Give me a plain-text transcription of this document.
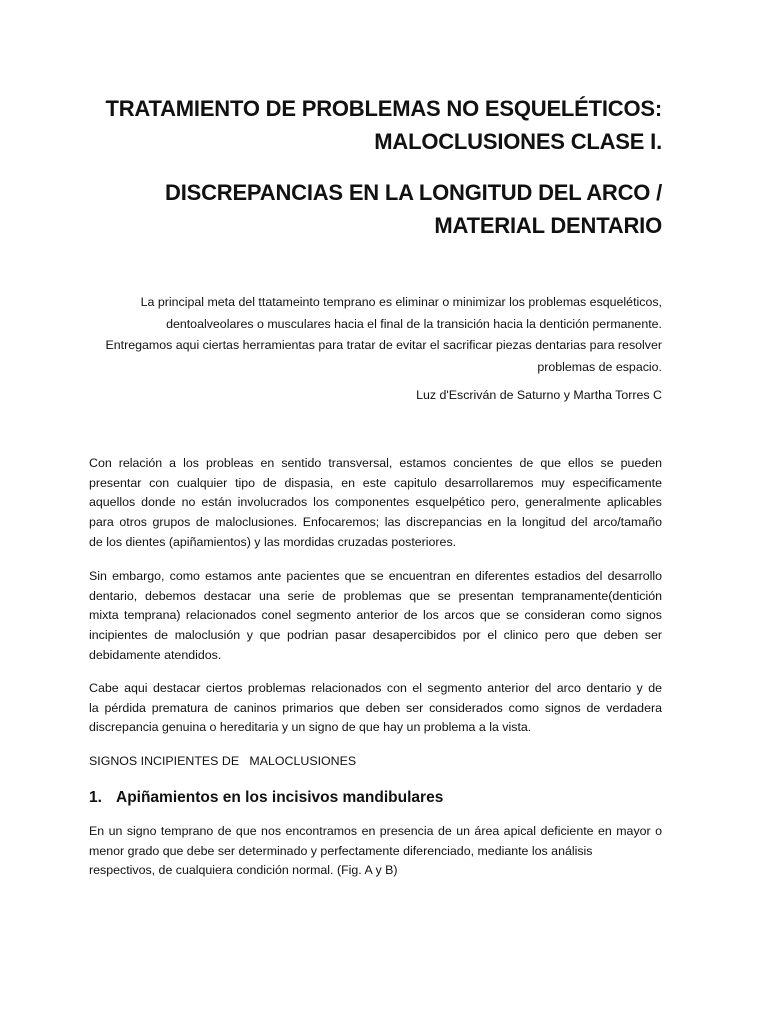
TRATAMIENTO DE PROBLEMAS NO ESQUELÉTICOS:
MALOCLUSIONES CLASE I.
DISCREPANCIAS EN LA LONGITUD DEL ARCO /
MATERIAL DENTARIO
La principal meta del ttatameinto temprano es eliminar o minimizar los problemas esqueléticos,
dentoalveolares o musculares hacia el final de la transición hacia la dentición permanente.
Entregamos aqui ciertas herramientas para tratar de evitar el sacrificar piezas dentarias para resolver
problemas de espacio.
Luz d'Escriván de Saturno y Martha Torres C
Con relación a los probleas en sentido transversal, estamos concientes de que ellos se pueden
presentar con cualquier tipo de dispasia, en este capitulo desarrollaremos muy especificamente
aquellos donde no están involucrados los componentes esquelpético pero, generalmente aplicables
para otros grupos de maloclusiones. Enfocaremos; las discrepancias en la longitud del arco/tamaño
de los dientes (apiñamientos) y las mordidas cruzadas posteriores.
Sin embargo, como estamos ante pacientes que se encuentran en diferentes estadios del desarrollo
dentario, debemos destacar una serie de problemas que se presentan tempranamente(dentición
mixta temprana) relacionados conel segmento anterior de los arcos que se consideran como signos
incipientes de maloclusión y que podrian pasar desapercibidos por el clinico pero que deben ser
debidamente atendidos.
Cabe aqui destacar ciertos problemas relacionados con el segmento anterior del arco dentario y de
la pérdida prematura de caninos primarios que deben ser considerados como signos de verdadera
discrepancia genuina o hereditaria y un signo de que hay un problema a la vista.
SIGNOS INCIPIENTES DE   MALOCLUSIONES
1. Apiñamientos en los incisivos mandibulares
En un signo temprano de que nos encontramos en presencia de un área apical deficiente en mayor o
menor grado que debe ser determinado y perfectamente diferenciado, mediante los análisis
respectivos, de cualquiera condición normal. (Fig. A y B)
